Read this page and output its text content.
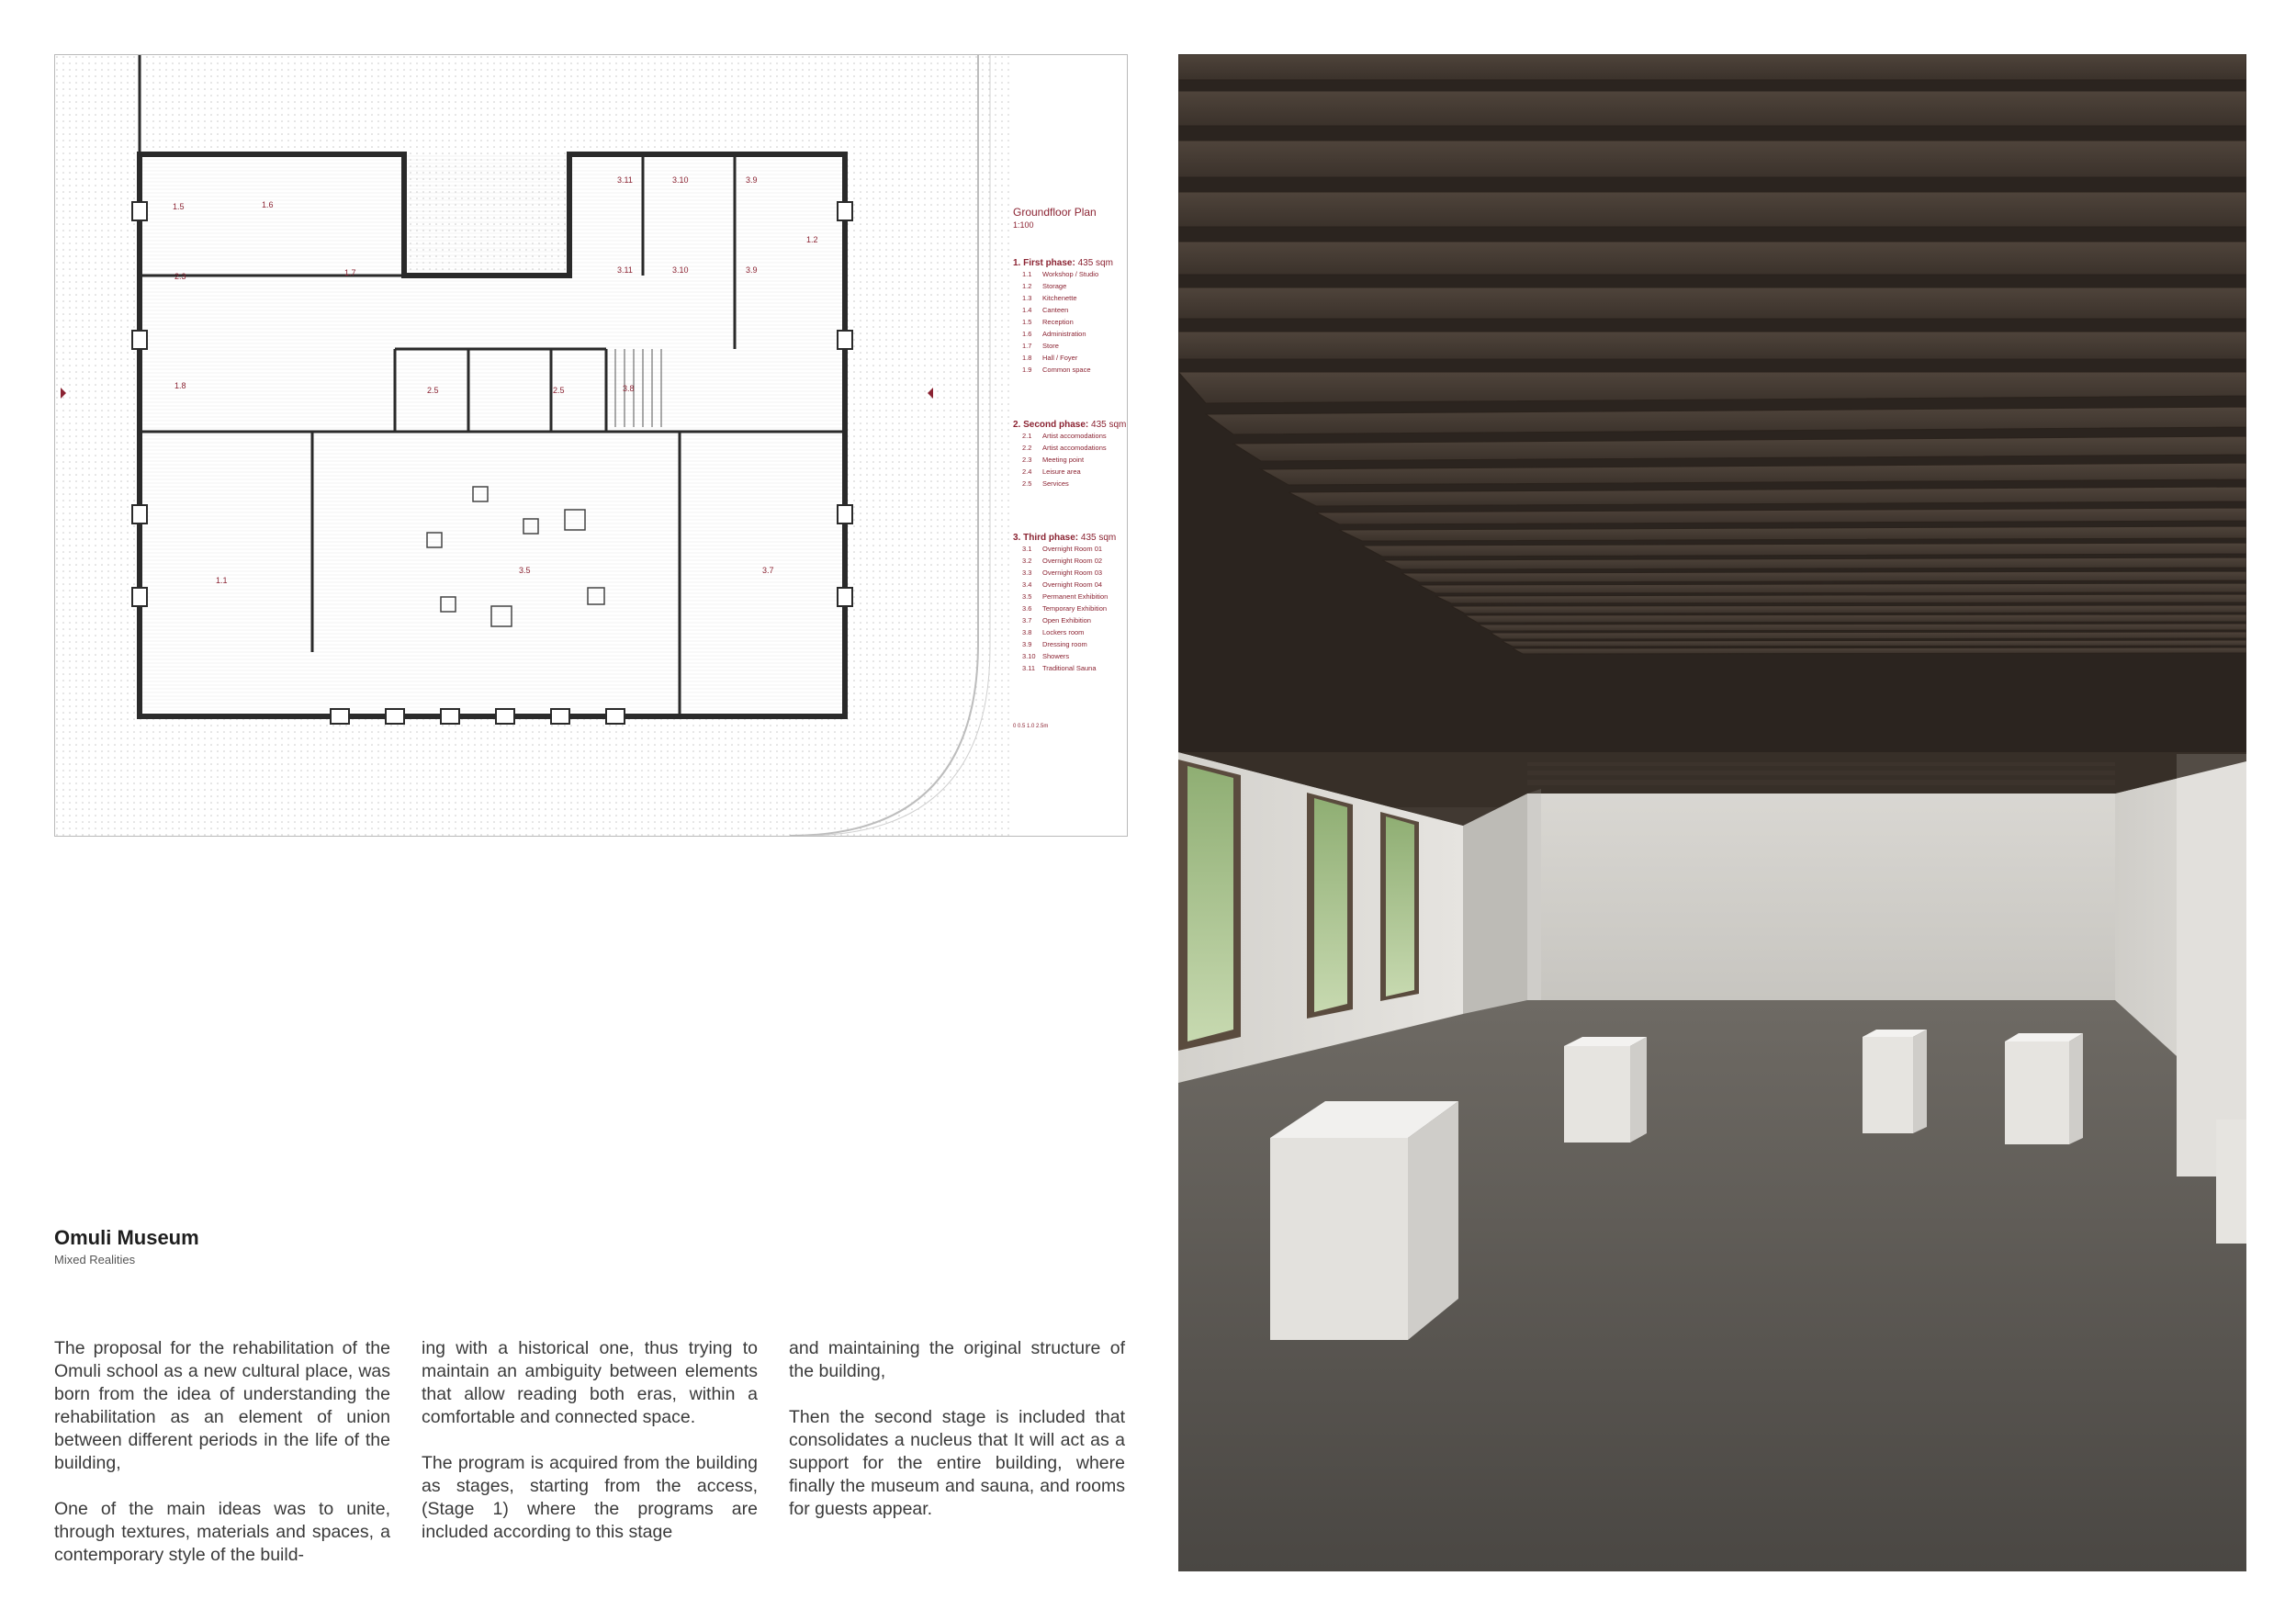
1.5	1.6
2.3	1.7
1.8	2.5	2.5	3.8
3.11	3.10	3.9
3.11	3.10	3.9
1.2
1.1
3.5	3.7
Groundfloor Plan
1:100
1. First phase: 435 sqm
1.1 Workshop / Studio
1.2 Storage
1.3 Kitchenette
1.4 Canteen
1.5 Reception
1.6 Administration
1.7 Store
1.8 Hall / Foyer
1.9 Common space
2. Second phase: 435 sqm
2.1 Artist accomodations
2.2 Artist accomodations
2.3 Meeting point
2.4 Leisure area
2.5 Services
3. Third phase: 435 sqm
3.1 Overnight Room 01
3.2 Overnight Room 02
3.3 Overnight Room 03
3.4 Overnight Room 04
3.5 Permanent Exhibition
3.6 Temporary Exhibition
3.7 Open Exhibition
3.8 Lockers room
3.9 Dressing room
3.10 Showers
3.11 Traditional Sauna
0 0.5 1.0 2.5m
Omuli Museum
Mixed Realities

The proposal for the rehabilitation of the Omuli school as a new cultural place, was born from the idea of understanding the rehabilitation as an element of union between different periods in the life of the building,

One of the main ideas was to unite, through textures, materials and spaces, a contemporary style of the build-

ing with a historical one, thus trying to maintain an ambiguity between elements that allow reading both eras, within a comfortable and connected space.

The program is acquired from the building as stages, starting from the access, (Stage 1) where the programs are included according to this stage

and maintaining the original structure of the building,

Then the second stage is included that consolidates a nucleus that It will act as a support for the entire building, where finally the museum and sauna, and rooms for guests appear.
